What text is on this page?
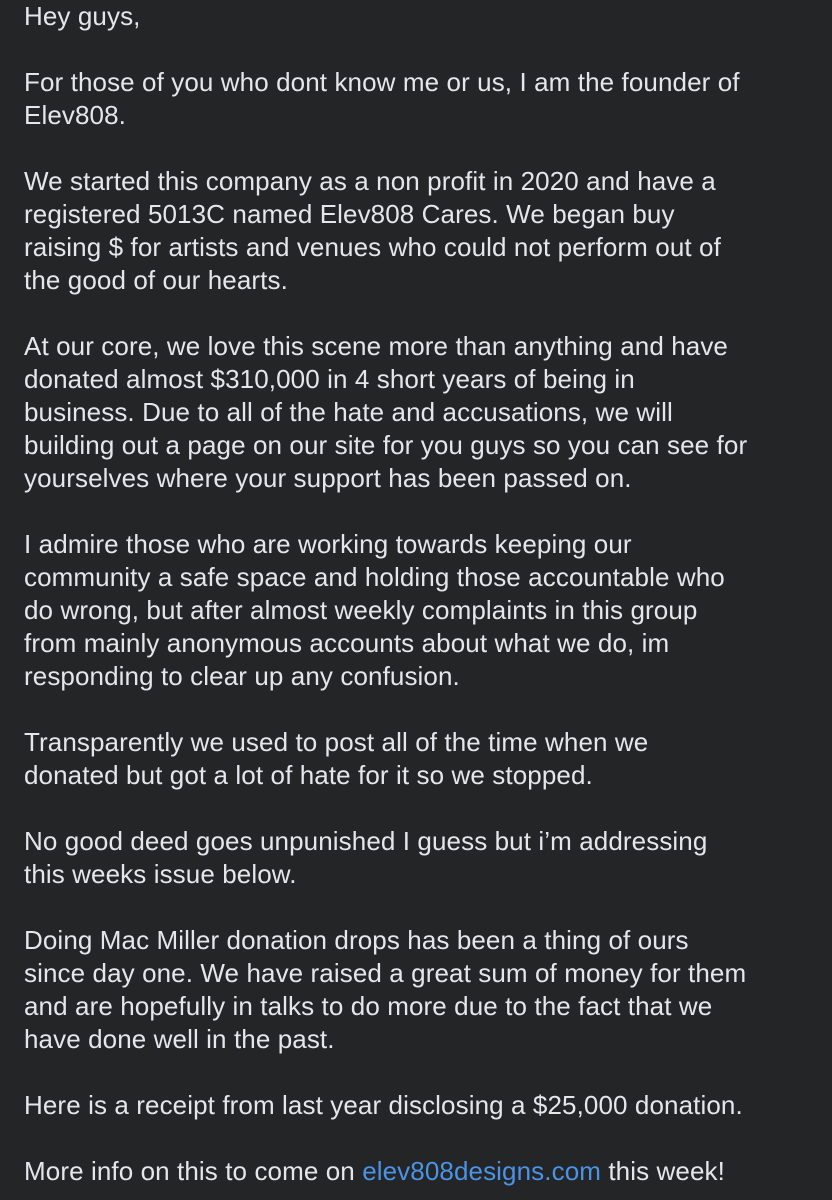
Hey guys,

For those of you who dont know me or us, I am the founder of
Elev808.

We started this company as a non profit in 2020 and have a
registered 5013C named Elev808 Cares. We began buy
raising $ for artists and venues who could not perform out of
the good of our hearts.

At our core, we love this scene more than anything and have
donated almost $310,000 in 4 short years of being in
business. Due to all of the hate and accusations, we will
building out a page on our site for you guys so you can see for
yourselves where your support has been passed on.

I admire those who are working towards keeping our
community a safe space and holding those accountable who
do wrong, but after almost weekly complaints in this group
from mainly anonymous accounts about what we do, im
responding to clear up any confusion.

Transparently we used to post all of the time when we
donated but got a lot of hate for it so we stopped.

No good deed goes unpunished I guess but i’m addressing
this weeks issue below.

Doing Mac Miller donation drops has been a thing of ours
since day one. We have raised a great sum of money for them
and are hopefully in talks to do more due to the fact that we
have done well in the past.

Here is a receipt from last year disclosing a $25,000 donation.

More info on this to come on elev808designs.com this week!
